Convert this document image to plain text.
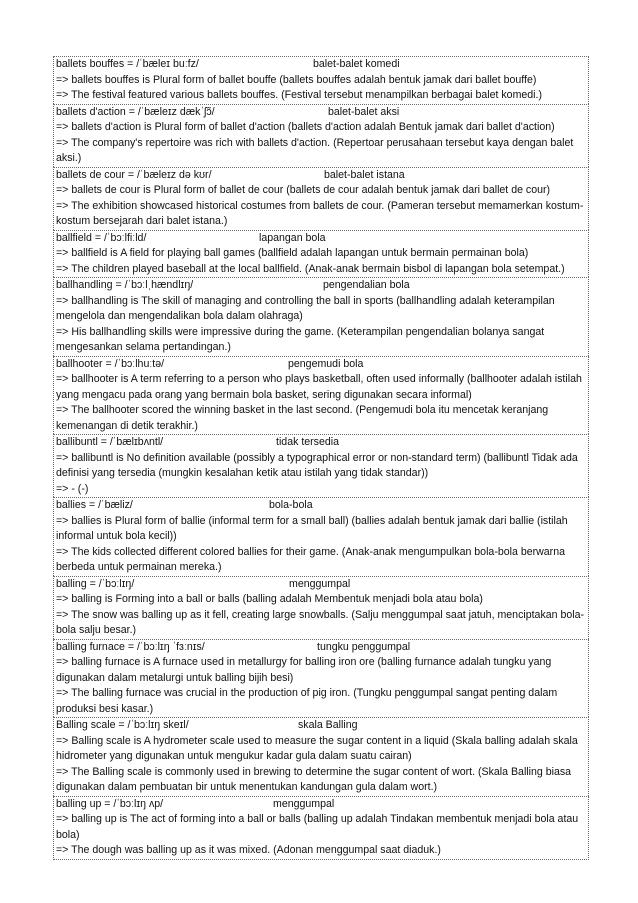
ballets bouffes = /ˈbæleɪ buːfz/	balet-balet komedi
=> ballets bouffes is Plural form of ballet bouffe (ballets bouffes adalah bentuk jamak dari ballet bouffe)
=> The festival featured various ballets bouffes. (Festival tersebut menampilkan berbagai balet komedi.)
ballets d'action = /ˈbæleɪz dækˈʃɔ̃/	balet-balet aksi
=> ballets d'action is Plural form of ballet d'action (ballets d'action adalah Bentuk jamak dari ballet d'action)
=> The company's repertoire was rich with ballets d'action. (Repertoar perusahaan tersebut kaya dengan balet aksi.)
ballets de cour = /ˈbæleɪz də kʊr/	balet-balet istana
=> ballets de cour is Plural form of ballet de cour (ballets de cour adalah bentuk jamak dari ballet de cour)
=> The exhibition showcased historical costumes from ballets de cour. (Pameran tersebut memamerkan kostum-kostum bersejarah dari balet istana.)
ballfield = /ˈbɔːlfiːld/	lapangan bola
=> ballfield is A field for playing ball games (ballfield adalah lapangan untuk bermain permainan bola)
=> The children played baseball at the local ballfield. (Anak-anak bermain bisbol di lapangan bola setempat.)
ballhandling = /ˈbɔːlˌhændlɪŋ/	pengendalian bola
=> ballhandling is The skill of managing and controlling the ball in sports (ballhandling adalah keterampilan mengelola dan mengendalikan bola dalam olahraga)
=> His ballhandling skills were impressive during the game. (Keterampilan pengendalian bolanya sangat mengesankan selama pertandingan.)
ballhooter = /ˈbɔːlhuːtə/	pengemudi bola
=> ballhooter is A term referring to a person who plays basketball, often used informally (ballhooter adalah istilah yang mengacu pada orang yang bermain bola basket, sering digunakan secara informal)
=> The ballhooter scored the winning basket in the last second. (Pengemudi bola itu mencetak keranjang kemenangan di detik terakhir.)
ballibuntl = /ˈbælɪbʌntl/	tidak tersedia
=> ballibuntl is No definition available (possibly a typographical error or non-standard term) (ballibuntl Tidak ada definisi yang tersedia (mungkin kesalahan ketik atau istilah yang tidak standar))
=> - (-)
ballies = /ˈbæliz/	bola-bola
=> ballies is Plural form of ballie (informal term for a small ball) (ballies adalah bentuk jamak dari ballie (istilah informal untuk bola kecil))
=> The kids collected different colored ballies for their game. (Anak-anak mengumpulkan bola-bola berwarna berbeda untuk permainan mereka.)
balling = /ˈbɔːlɪŋ/	menggumpal
=> balling is Forming into a ball or balls (balling adalah Membentuk menjadi bola atau bola)
=> The snow was balling up as it fell, creating large snowballs. (Salju menggumpal saat jatuh, menciptakan bola-bola salju besar.)
balling furnace = /ˈbɔːlɪŋ ˈfɜːnɪs/	tungku penggumpal
=> balling furnace is A furnace used in metallurgy for balling iron ore (balling furnance adalah tungku yang digunakan dalam metalurgi untuk balling bijih besi)
=> The balling furnace was crucial in the production of pig iron. (Tungku penggumpal sangat penting dalam produksi besi kasar.)
Balling scale = /ˈbɔːlɪŋ skeɪl/	skala Balling
=> Balling scale is A hydrometer scale used to measure the sugar content in a liquid (Skala balling adalah skala hidrometer yang digunakan untuk mengukur kadar gula dalam suatu cairan)
=> The Balling scale is commonly used in brewing to determine the sugar content of wort. (Skala Balling biasa digunakan dalam pembuatan bir untuk menentukan kandungan gula dalam wort.)
balling up = /ˈbɔːlɪŋ ʌp/	menggumpal
=> balling up is The act of forming into a ball or balls (balling up adalah Tindakan membentuk menjadi bola atau bola)
=> The dough was balling up as it was mixed. (Adonan menggumpal saat diaduk.)
